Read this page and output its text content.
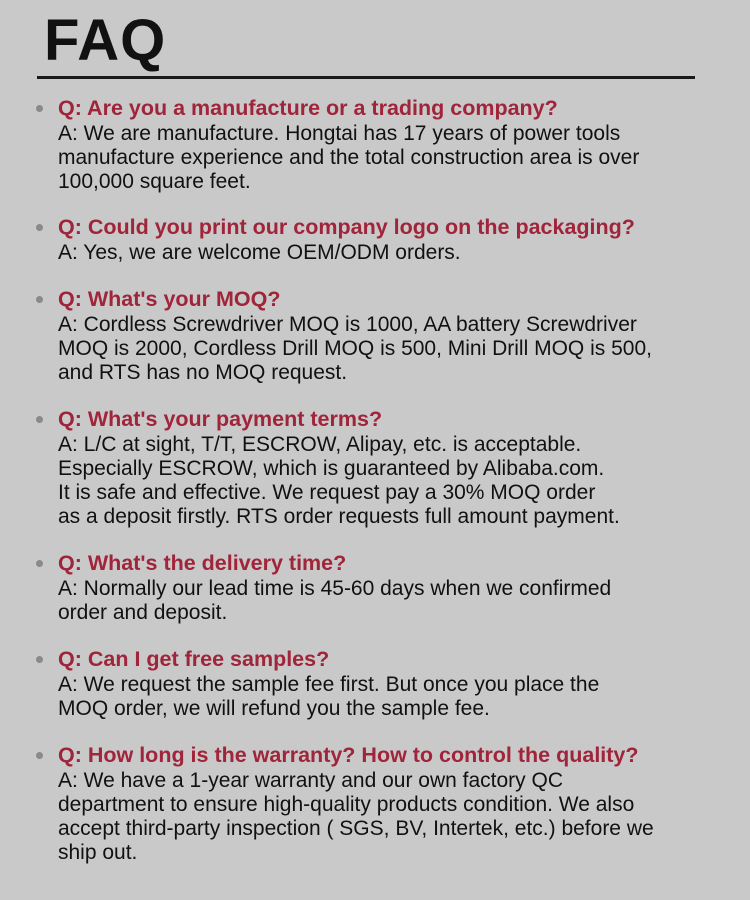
FAQ
Q: Are you a manufacture or a trading company?
A: We are manufacture. Hongtai has 17 years of power tools
manufacture experience and the total construction area is over
100,000 square feet.
Q: Could you print our company logo on the packaging?
A: Yes, we are welcome OEM/ODM orders.
Q: What's your MOQ?
A: Cordless Screwdriver MOQ is 1000, AA battery Screwdriver
MOQ is 2000, Cordless Drill MOQ is 500, Mini Drill MOQ is 500,
and RTS has no MOQ request.
Q: What's your payment terms?
A: L/C at sight, T/T, ESCROW, Alipay, etc. is acceptable.
Especially ESCROW, which is guaranteed by Alibaba.com.
It is safe and effective. We request pay a 30% MOQ order
as a deposit firstly. RTS order requests full amount payment.
Q: What's the delivery time?
A: Normally our lead time is 45-60 days when we confirmed
order and deposit.
Q: Can I get free samples?
A: We request the sample fee first. But once you place the
MOQ order, we will refund you the sample fee.
Q: How long is the warranty? How to control the quality?
A: We have a 1-year warranty and our own factory QC
department to ensure high-quality products condition. We also
accept third-party inspection ( SGS, BV, Intertek, etc.) before we
ship out.
